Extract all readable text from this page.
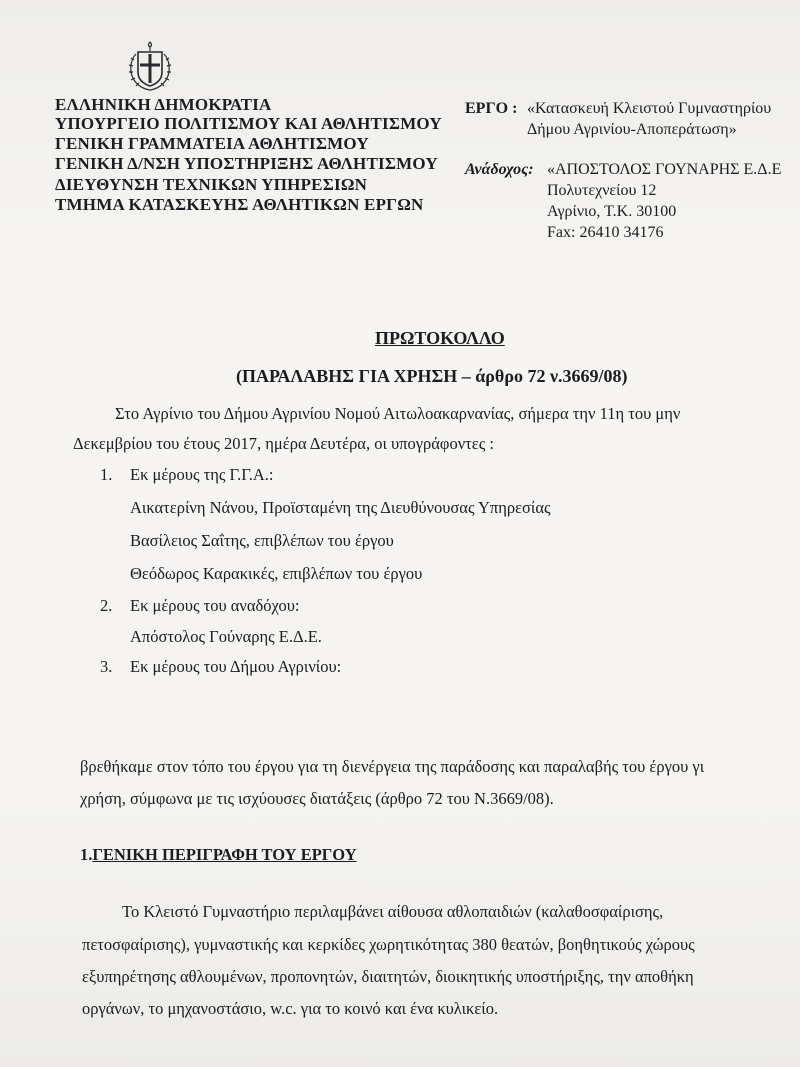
ΕΛΛΗΝΙΚΗ ΔΗΜΟΚΡΑΤΙΑ
ΥΠΟΥΡΓΕΙΟ ΠΟΛΙΤΙΣΜΟΥ ΚΑΙ ΑΘΛΗΤΙΣΜΟΥ
ΓΕΝΙΚΗ ΓΡΑΜΜΑΤΕΙΑ ΑΘΛΗΤΙΣΜΟΥ
ΓΕΝΙΚΗ Δ/ΝΣΗ ΥΠΟΣΤΗΡΙΞΗΣ ΑΘΛΗΤΙΣΜΟΥ
ΔΙΕΥΘΥΝΣΗ ΤΕΧΝΙΚΩΝ ΥΠΗΡΕΣΙΩΝ
ΤΜΗΜΑ ΚΑΤΑΣΚΕΥΗΣ ΑΘΛΗΤΙΚΩΝ ΕΡΓΩΝ
ΕΡΓΟ : «Κατασκευή Κλειστού Γυμναστηρίου
Δήμου Αγρινίου-Αποπεράτωση»
Ανάδοχος: «ΑΠΟΣΤΟΛΟΣ ΓΟΥΝΑΡΗΣ Ε.Δ.Ε
Πολυτεχνείου 12
Αγρίνιο, Τ.Κ. 30100
Fax: 26410 34176
ΠΡΩΤΟΚΟΛΛΟ
(ΠΑΡΑΛΑΒΗΣ ΓΙΑ ΧΡΗΣΗ – άρθρο 72 ν.3669/08)
Στο Αγρίνιο του Δήμου Αγρινίου Νομού Αιτωλοακαρνανίας, σήμερα την 11η του μην
Δεκεμβρίου του έτους 2017, ημέρα Δευτέρα, οι υπογράφοντες :
1. Εκ μέρους της Γ.Γ.Α.:
Αικατερίνη Νάνου, Προϊσταμένη της Διευθύνουσας Υπηρεσίας
Βασίλειος Σαΐτης, επιβλέπων του έργου
Θεόδωρος Καρακικές, επιβλέπων του έργου
2. Εκ μέρους του αναδόχου:
Απόστολος Γούναρης Ε.Δ.Ε.
3. Εκ μέρους του Δήμου Αγρινίου:
βρεθήκαμε στον τόπο του έργου για τη διενέργεια της παράδοσης και παραλαβής του έργου γι
χρήση, σύμφωνα με τις ισχύουσες διατάξεις (άρθρο 72 του Ν.3669/08).
1.ΓΕΝΙΚΗ ΠΕΡΙΓΡΑΦΗ ΤΟΥ ΕΡΓΟΥ
Το Κλειστό Γυμναστήριο περιλαμβάνει αίθουσα αθλοπαιδιών (καλαθοσφαίρισης,
πετοσφαίρισης), γυμναστικής και κερκίδες χωρητικότητας 380 θεατών, βοηθητικούς χώρους
εξυπηρέτησης αθλουμένων, προπονητών, διαιτητών, διοικητικής υποστήριξης, την αποθήκη
οργάνων, το μηχανοστάσιο, w.c. για το κοινό και ένα κυλικείο.
